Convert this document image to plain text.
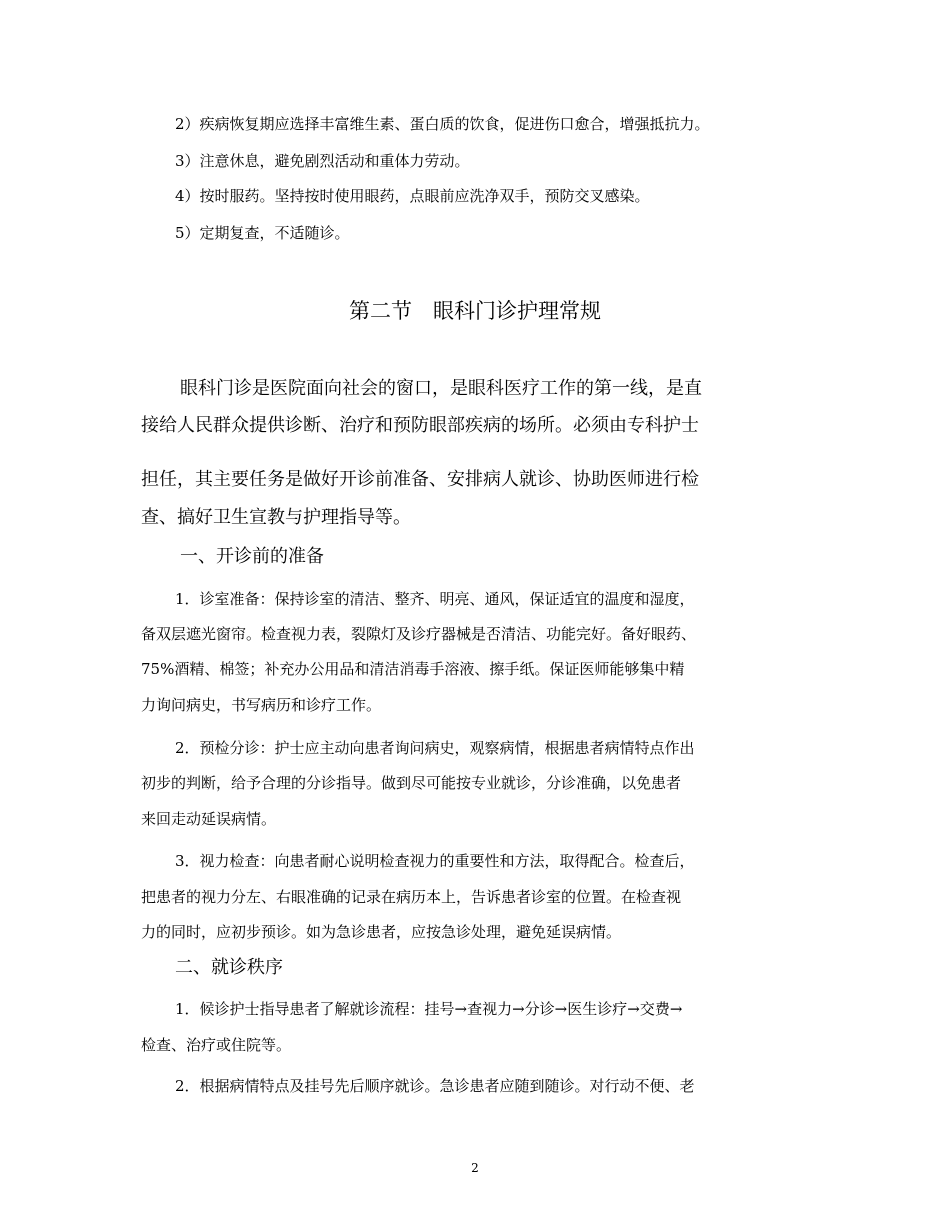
2）疾病恢复期应选择丰富维生素、蛋白质的饮食，促进伤口愈合，增强抵抗力。
3）注意休息，避免剧烈活动和重体力劳动。
4）按时服药。坚持按时使用眼药，点眼前应洗净双手，预防交叉感染。
5）定期复查，不适随诊。
第二节　眼科门诊护理常规
眼科门诊是医院面向社会的窗口，是眼科医疗工作的第一线，是直
接给人民群众提供诊断、治疗和预防眼部疾病的场所。必须由专科护士
担任，其主要任务是做好开诊前准备、安排病人就诊、协助医师进行检
查、搞好卫生宣教与护理指导等。
一、开诊前的准备
1．诊室准备：保持诊室的清洁、整齐、明亮、通风，保证适宜的温度和湿度，
备双层遮光窗帘。检查视力表，裂隙灯及诊疗器械是否清洁、功能完好。备好眼药、
75%酒精、棉签；补充办公用品和清洁消毒手溶液、擦手纸。保证医师能够集中精
力询问病史，书写病历和诊疗工作。
2．预检分诊：护士应主动向患者询问病史，观察病情，根据患者病情特点作出
初步的判断，给予合理的分诊指导。做到尽可能按专业就诊，分诊准确，以免患者
来回走动延误病情。
3．视力检查：向患者耐心说明检查视力的重要性和方法，取得配合。检查后，
把患者的视力分左、右眼准确的记录在病历本上，告诉患者诊室的位置。在检查视
力的同时，应初步预诊。如为急诊患者，应按急诊处理，避免延误病情。
二、就诊秩序
1．候诊护士指导患者了解就诊流程：挂号→查视力→分诊→医生诊疗→交费→
检查、治疗或住院等。
2．根据病情特点及挂号先后顺序就诊。急诊患者应随到随诊。对行动不便、老
2
